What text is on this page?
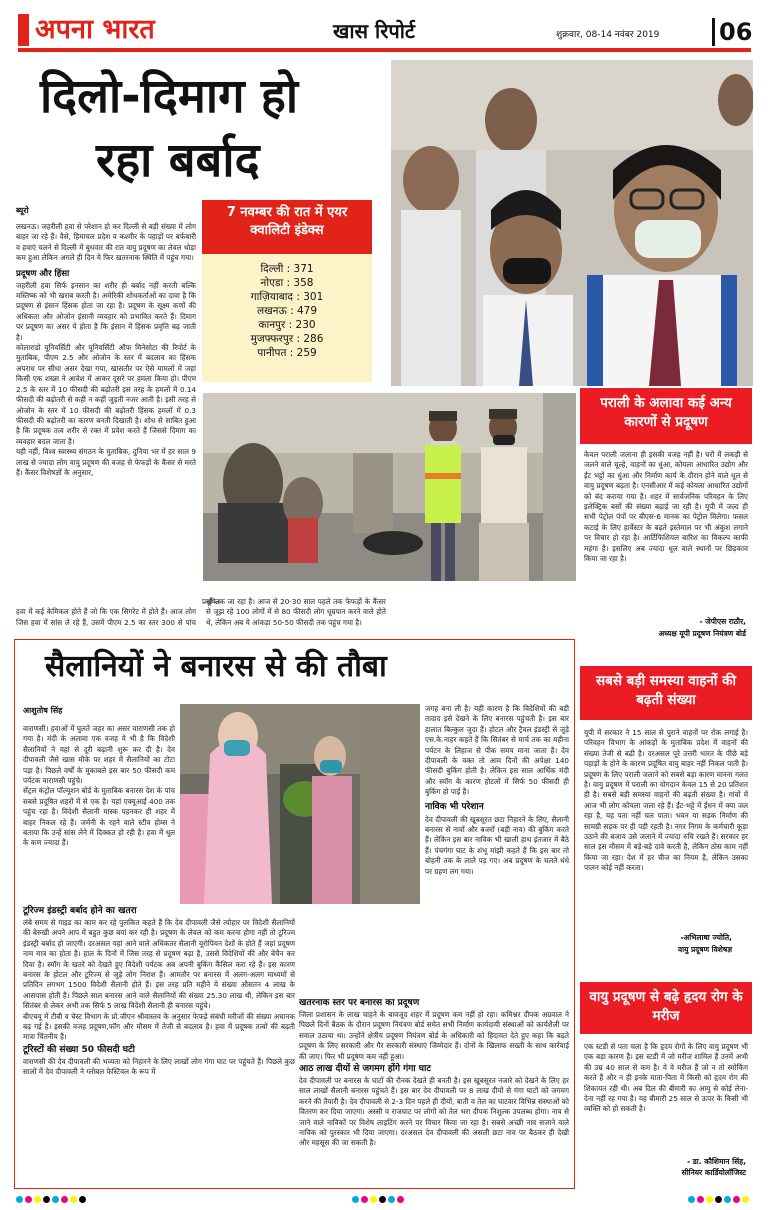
अपना भारत	खास रिपोर्ट	शुक्रवार, 08-14 नवंबर 2019 06
दिलो-दिमाग हो
रहा बर्बाद
7 नवम्बर की रात में एयर क्वालिटी इंडेक्स
दिल्ली : 371
नोएडा : 358
गाज़ियाबाद : 301
लखनऊ : 479
कानपुर : 230
मुजफ्फरपुर : 286
पानीपत : 259
ब्यूरो

लखनऊ। जहरीली हवा से परेशान हो कर दिल्ली से बड़ी संख्या में लोग बाहर जा रहे हैं। वैसे, हिमाचल प्रदेश व कश्मीर के पहाड़ों पर बर्फबारी व हवाएं चलने से दिल्ली में बुधवार की रात वायु प्रदूषण का लेवल थोड़ा कम हुआ लेकिन अगले ही दिन ये फिर खतरनाक स्थिति में पहुंच गया।

प्रदूषण और हिंसा

जहरीली हवा सिर्फ इनसान का शरीर ही बर्बाद नहीं करती बल्कि मस्तिष्क को भी खराब करती है। अमेरिकी शोधकर्ताओं का दावा है कि प्रदूषण से इंसान हिंसक होता जा रहा है। प्रदूषण के सूक्ष्म कणों की अधिकता और ओजोन इंसानी व्यवहार को प्रभावित करते हैं। दिमाग पर प्रदूषण का असर ये होता है कि इंसान में हिंसक प्रवृत्ति बढ़ जाती है।

कोलाराडो यूनिवर्सिटी और यूनिवर्सिटी ऑफ मिनेसोटा की रिपोर्ट के मुताबिक, पीएम 2.5 और ओजोन के स्तर में बदलाव का हिंसक अपराध पर सीधा असर देखा गया, खासतौर पर ऐसे मामलों में जहां किसी एक शख्स ने आवेश में आकर दूसरे पर हमला किया हो। पीएम 2.5 के स्तर में 10 फीसदी की बढ़ोतरी इस तरह के हमलों में 0.14 फीसदी की बढ़ोतरी से कहीं न कहीं जुड़ती नजर आती है। इसी तरह से ओजोन के स्तर में 10 फीसदी की बढ़ोतरी हिंसक हमलों में 0.3 फीसदी की बढ़ोतरी का कारण बनती दिखाती है। शोध से साबित हुआ है कि प्रदूषक तत्व शरीर से रक्त में प्रवेश करते हैं जिससे दिमाग का व्यवहार बदल जाता है।

यही नहीं, विश्व स्वास्थ्य संगठन के मुताबिक, दुनिया भर में हर साल 9 लाख से ज्यादा लोग वायु प्रदूषण की वजह से फेफड़ों के कैंसर से मरते हैं। कैंसर विशेषज्ञों के अनुसार,

प्रदूषित हवा में कई केमिकल होते हैं जो कि एक सिगरेट में होते हैं। आज लोग जिस हवा में सांस ले रहे हैं, उसमें पीएम 2.5 का स्तर 300 से पांच सौ तक जा रहा है। आज से 20-30 साल पहले तक फेफड़ों के कैंसर से जूझ रहे 100 लोगों में से 80 फीसदी लोग धूम्रपान करने वाले होते थे, लेकिन अब ये आंकड़ा 50-50 फीसदी तक पहुंच गया है।

पराली के अलावा कई अन्य कारणों से प्रदूषण

केवल पराली जलाना ही इसकी वजह नहीं है। घरों में लकड़ी से जलने वाले चूल्हे, वाहनों का धुंआ, कोयला आधारित उद्योग और ईंट भट्ठों का धुंआ और निर्माण कार्य के दौरान होने वाले धूल से वायु प्रदूषण बढ़ता है। एनसीआर में कई कोयला आधारित उद्योगों को बंद कराया गया है। शहर में सार्वजनिक परिवहन के लिए इलेक्ट्रिक बसों की संख्या बढ़ाई जा रही है। यूपी में जल्द ही सभी पेट्रोल पंपों पर बीएस-6 मानक का पेट्रोल मिलेगा। फसल कटाई के लिए हार्वेस्टर के बढ़ते इस्तेमाल पर भी अंकुश लगाने पर विचार हो रहा है। आर्टिफिशियल बारिश का विकल्प काफी महंगा है। इसलिए अब ज्यादा धूल वाले स्थानों पर छिड़काव किया जा रहा है।

- जेपीएस राठौर,
अध्यक्ष यूपी प्रदूषण नियंत्रण बोर्ड
सैलानियों ने बनारस से की तौबा
आशुतोष सिंह

वाराणसी। हवाओं में घुलते जहर का असर वाराणसी तक हो गया है। मंदी के अलावा एक वजह ये भी है कि विदेशी सैलानियों ने यहां से दूरी बढ़ानी शुरू कर दी है। देव दीपावली जैसे खास मौके पर शहर में सैलानियों का टोटा पड़ा है। पिछले वर्षों के मुकाबले इस बार 50 फीसदी कम पर्यटक वाराणसी पहुंचे।

सेंट्रल कंट्रोल पॉल्यूशन बोर्ड के मुताबिक बनारस देश के पांच सबसे प्रदूषित शहरों में से एक है। यहां एक्यूआई 400 तक पहुंच रहा है। विदेशी सैलानी मास्क पहनकर ही शहर में बाहर निकल रहे हैं। जर्मनी के रहने वाले स्टीव होम्स ने बताया कि उन्हें सांस लेने में दिक्कत हो रही है। हवा में धूल के कण ज्यादा हैं।

जगह बना ली है। यही कारण है कि विदेशियों की बड़ी तादाद इसे देखने के लिए बनारस पहुंचती है। इस बार हालात बिल्कुल जुदा हैं। होटल और ट्रैवल इंडस्ट्री से जुड़े एस.के.नाहर कहते हैं कि सितंबर से मार्च तक का महीना पर्यटन के लिहाज से पीक समय माना जाता है। देव दीपावली के वक्त तो आम दिनों की अपेक्षा 140 फीसदी बुकिंग होती है। लेकिन इस साल आर्थिक मंदी और स्मॉग के कारण होटलों में सिर्फ 50 फीसदी ही बुकिंग हो पाई है।

नाविक भी परेशान

देव दीपावली की खूबसूरत छटा निहारने के लिए, सैलानी बनारस से नावों और बजरों (बड़ी नाव) की बुकिंग करते हैं। लेकिन इस बार नाविक भी खाली हाथ इंतजार में बैठे हैं। पंचगंगा घाट के शंभू मांझी कहते हैं कि इस बार तो बोहनी तक के लाले पड़ गए। अब प्रदूषण के चलते धंधे पर ग्रहण लग गया।

टूरिज्म इंडस्ट्री बर्बाद होने का खतरा

लंबे समय से गाइड का काम कर रहे पुलकित कहते हैं कि देव दीपावली जैसे त्योहार पर विदेशी सैलानियों की बेरुखी अपने आप में बहुत कुछ बयां कर रही है। प्रदूषण के लेवल को कम करना होगा नहीं तो टूरिज्म इंडस्ट्री बर्बाद हो जाएगी। दरअसल यहां आने वाले अधिकतर सैलानी यूरोपियन देशों के होते हैं जहां प्रदूषण नाम मात्र का होता है। हाल के दिनों में जिस तरह से प्रदूषण बढ़ा है, उससे विदेशियों की और बेचैन कर दिया है। स्मॉग के खतरे को देखते हुए विदेशी पर्यटक अब अपनी बुकिंग कैंसिल करा रहे हैं। इस कारण बनारस के होटल और टूरिज्म से जुड़े लोग निराश हैं। आमतौर पर बनारस में अलग-अलग माध्यमों से प्रतिदिन लगभग 1500 विदेशी सैलानी होते हैं। इस तरह प्रति महीने ये संख्या औसतन 4 लाख के आसपास होती है। पिछले साल बनारस आने वाले सैलानियों की संख्या 25.30 लाख थी, लेकिन इस बार सितंबर से लेकर अभी तक सिर्फ 5 लाख विदेशी सैलानी ही बनारस पहुंचे।

बीएचयू में टीबी व चेस्ट विभाग के प्रो.जीएन श्रीवास्तव के अनुसार फेफड़े संबंधी मरीजों की संख्या अचानक बढ़ गई है। इसकी वजह प्रदूषण,फॉग और मौसम में तेजी से बदलाव है। हवा में प्रदूषक तत्वों की बढ़ती मात्रा चिंतनीय है।

टूरिस्टों की संख्या 50 फीसदी घटी

वाराणसी की देव दीपावली की भव्यता को निहारने के लिए लाखों लोग गंगा घाट पर पहुंचते हैं। पिछले कुछ सालों में देव दीपावली ने ग्लोबल फेस्टिवल के रूप में

खतरनाक स्तर पर बनारस का प्रदूषण

जिला प्रशासन के लाख चाहने के बावजूद शहर में प्रदूषण कम नहीं हो रहा। कमिश्नर दीपक अग्रवाल ने पिछले दिनों बैठक के दौरान प्रदूषण नियंत्रण बोर्ड समेत सभी निर्माण कार्यदायी संस्थाओं को कार्यशैली पर सवाल उठाया था। उन्होंने क्षेत्रीय प्रदूषण नियंत्रण बोर्ड के अधिकारी को हिदायत देते हुए कहा कि बढ़ते प्रदूषण के लिए सरकारी और गैर सरकारी संस्थाएं जिम्मेदार हैं। दोनों के खिलाफ सख्ती के साथ कार्रवाई की जाए। फिर भी प्रदूषण कम नहीं हुआ।

आठ लाख दीयों से जगमग होंगे गंगा घाट

देव दीपावली पर बनारस के घाटों की रौनक देखते ही बनती है। इस खूबसूरत नजारे को देखने के लिए हर साल लाखों सैलानी बनारस पहुंचते हैं। इस बार देव दीपावली पर 8 लाख दीयों से गंगा घाटों को जगमग करने की तैयारी है। देव दीपावली से 2-3 दिन पहले ही दीयों, बाती व तेल का घाटवार विभिन्न संस्थाओं को वितरण कर दिया जाएगा। अस्सी व राजघाट पर लोगों को तेल भरा दीपक निशुल्क उपलब्ध होगा। नाव से जाने वाले नाविकों पर विशेष लाइटिंग करने पर विचार किया जा रहा है। सबसे अच्छी नाव सजाने वाले नाविक को पुरस्कार भी दिया जाएगा। दरअसल देव दीपावली की असली छटा नाव पर बैठकर ही देखी और महसूस की जा सकती है।

सबसे बड़ी समस्या वाहनों की बढ़ती संख्या

यूपी में सरकार ने 15 साल से पुराने वाहनों पर रोक लगाई है। परिवहन विभाग के आंकड़ों के मुताबिक प्रदेश में वाहनों की संख्या तेजी से बढ़ी है। दरअसल पूरे उत्तरी भारत के पीछे बड़े पहाड़ों के होने के कारण प्रदूषित वायु बाहर नहीं निकल पाती है। प्रदूषण के लिए पराली जलाने को सबसे बड़ा कारण मानना गलत है। वायु प्रदूषण में पराली का योगदान केवल 15 से 20 प्रतिशत ही है। सबसे बड़ी समस्या वाहनों की बढ़ती संख्या है। गांवों में आज भी लोग कोयला जला रहे हैं। ईंट-भट्टे में ईंधन में क्या जल रहा है, यह पता नहीं चल पाता। भवन या सड़क निर्माण की सामग्री सड़क पर ही पड़ी रहती है। नगर निगम के कर्मचारी कूड़ा उठाने की बजाय उसे जलाने में ज्यादा रुचि रखते हैं। सरकार हर साल इस मौसम में बड़े-बड़े दावे करती है, लेकिन ठोस काम नहीं किया जा रहा। देश में हर चीज का नियम है, लेकिन उसका पालन कोई नहीं करता।

-अभिलाषा ज्योति,
वायु प्रदूषण विशेषज्ञ
वायु प्रदूषण से बढ़े हृदय रोग के मरीज

एक स्टडी से पता चला है कि हृदय रोगों के लिए वायु प्रदूषण भी एक बड़ा कारण है। इस स्टडी में जो मरीज शामिल हैं उनमें अभी की उम्र 40 साल से कम है। ये वे मरीज हैं जो न तो स्मोकिंग करते हैं और न ही इनके माता-पिता में किसी को हृदय रोग की शिकायत रही थी। अब दिल की बीमारी का आयु से कोई लेना-देना नहीं रह गया है। यह बीमारी 25 साल से ऊपर के किसी भी व्यक्ति को हो सकती है।

- डा. कौशिमान सिंह,
सीनियर कार्डियोलॉजिस्ट
